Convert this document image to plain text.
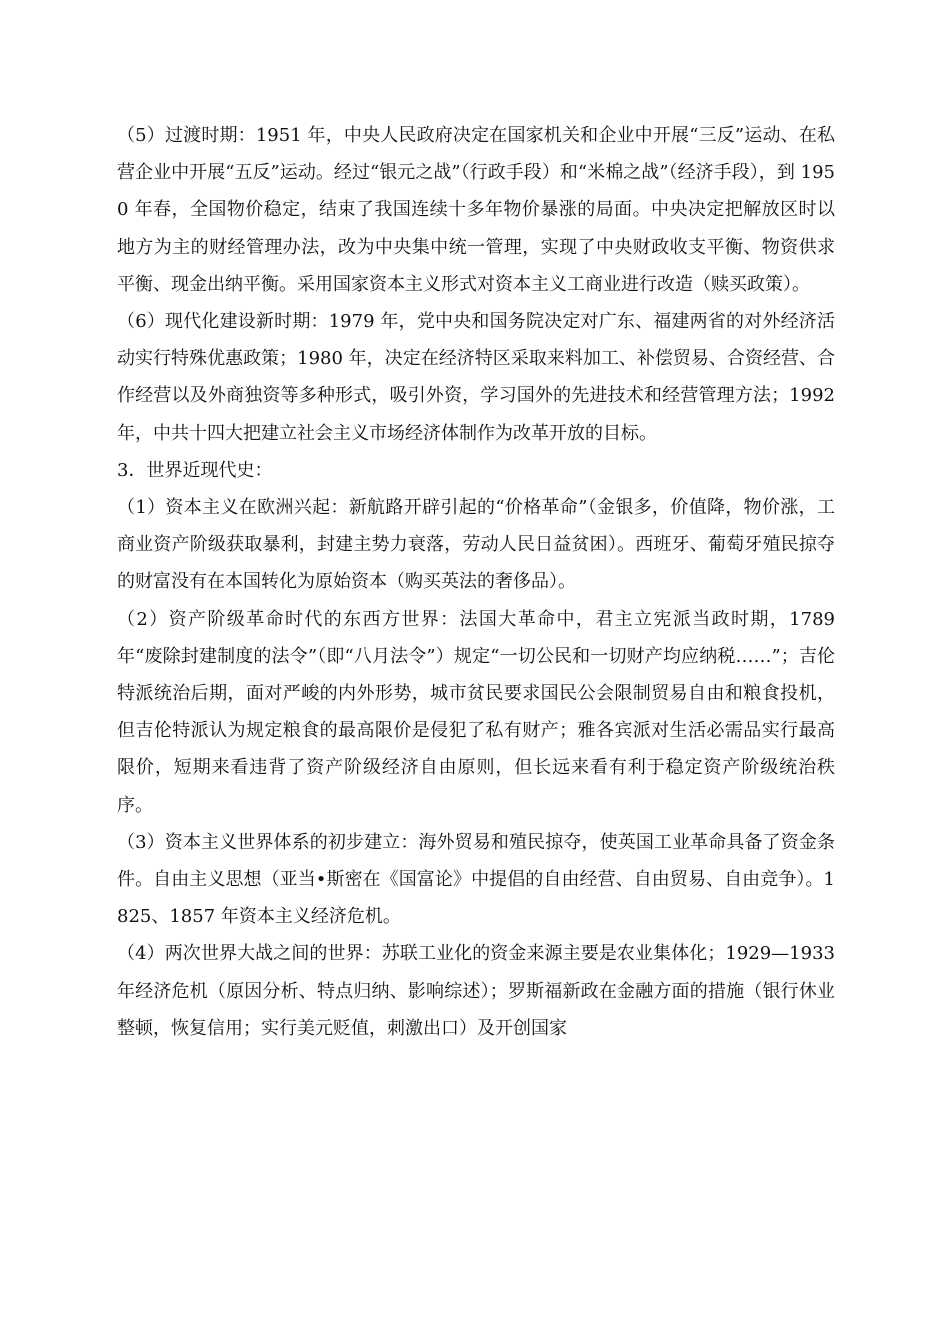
（5）过渡时期：1951 年，中央人民政府决定在国家机关和企业中开展“三反”运动、在私营企业中开展“五反”运动。经过“银元之战”（行政手段）和“米棉之战”（经济手段），到 1950 年春，全国物价稳定，结束了我国连续十多年物价暴涨的局面。中央决定把解放区时以地方为主的财经管理办法，改为中央集中统一管理，实现了中央财政收支平衡、物资供求平衡、现金出纳平衡。采用国家资本主义形式对资本主义工商业进行改造（赎买政策）。

（6）现代化建设新时期：1979 年，党中央和国务院决定对广东、福建两省的对外经济活动实行特殊优惠政策；1980 年，决定在经济特区采取来料加工、补偿贸易、合资经营、合作经营以及外商独资等多种形式，吸引外资，学习国外的先进技术和经营管理方法；1992 年，中共十四大把建立社会主义市场经济体制作为改革开放的目标。

3．世界近现代史：

（1）资本主义在欧洲兴起：新航路开辟引起的“价格革命”（金银多，价值降，物价涨，工商业资产阶级获取暴利，封建主势力衰落，劳动人民日益贫困）。西班牙、葡萄牙殖民掠夺的财富没有在本国转化为原始资本（购买英法的奢侈品）。

（2）资产阶级革命时代的东西方世界：法国大革命中，君主立宪派当政时期，1789 年“废除封建制度的法令”（即“八月法令”）规定“一切公民和一切财产均应纳税……”；吉伦特派统治后期，面对严峻的内外形势，城市贫民要求国民公会限制贸易自由和粮食投机，但吉伦特派认为规定粮食的最高限价是侵犯了私有财产；雅各宾派对生活必需品实行最高限价，短期来看违背了资产阶级经济自由原则，但长远来看有利于稳定资产阶级统治秩序。

（3）资本主义世界体系的初步建立：海外贸易和殖民掠夺，使英国工业革命具备了资金条件。自由主义思想（亚当•斯密在《国富论》中提倡的自由经营、自由贸易、自由竞争）。1825、1857 年资本主义经济危机。

（4）两次世界大战之间的世界：苏联工业化的资金来源主要是农业集体化；1929—1933 年经济危机（原因分析、特点归纳、影响综述）；罗斯福新政在金融方面的措施（银行休业整顿，恢复信用；实行美元贬值，刺激出口）及开创国家
